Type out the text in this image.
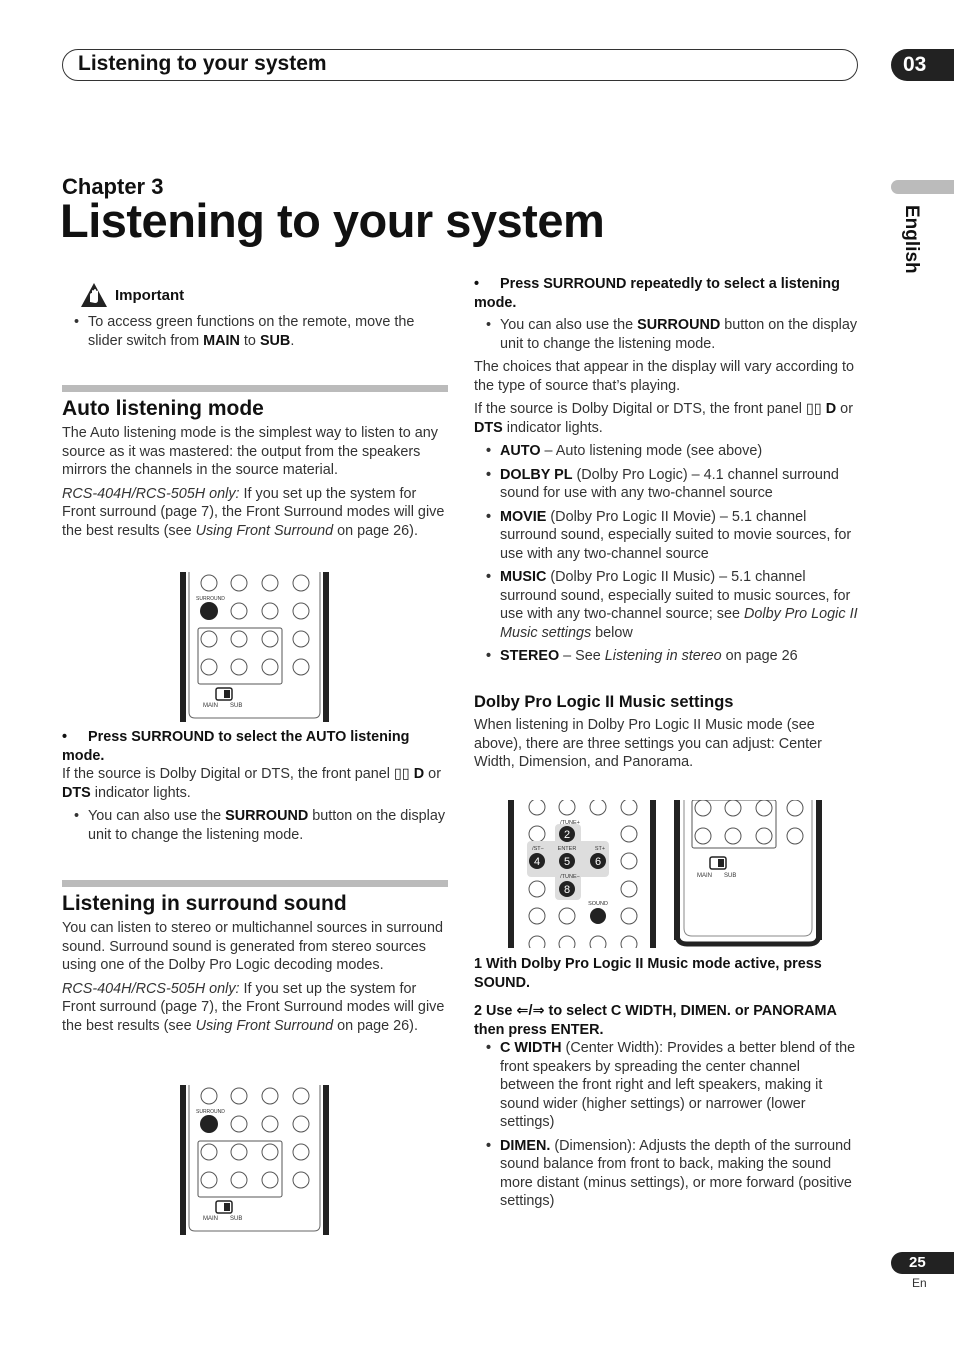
Listening to your system	03
English
Chapter 3
Listening to your system
Important
• To access green functions on the remote, move the slider switch from MAIN to SUB.
Auto listening mode

The Auto listening mode is the simplest way to listen to any source as it was mastered: the output from the speakers mirrors the channels in the source material.

RCS-404H/RCS-505H only: If you set up the system for Front surround (page 7), the Front Surround modes will give the best results (see Using Front Surround on page 26).

SURROUND
MAIN SUB
• Press SURROUND to select the AUTO listening mode.

If the source is Dolby Digital or DTS, the front panel ▯▯ D or DTS indicator lights.

• You can also use the SURROUND button on the display unit to change the listening mode.
Listening in surround sound

You can listen to stereo or multichannel sources in surround sound. Surround sound is generated from stereo sources using one of the Dolby Pro Logic decoding modes.

RCS-404H/RCS-505H only: If you set up the system for Front surround (page 7), the Front Surround modes will give the best results (see Using Front Surround on page 26).

SURROUND
MAIN SUB
• Press SURROUND repeatedly to select a listening mode.
• You can also use the SURROUND button on the display unit to change the listening mode.

The choices that appear in the display will vary according to the type of source that’s playing.

If the source is Dolby Digital or DTS, the front panel ▯▯ D or DTS indicator lights.

• AUTO – Auto listening mode (see above)
• DOLBY PL (Dolby Pro Logic) – 4.1 channel surround sound for use with any two-channel source
• MOVIE (Dolby Pro Logic II Movie) – 5.1 channel surround sound, especially suited to movie sources, for use with any two-channel source
• MUSIC (Dolby Pro Logic II Music) – 5.1 channel surround sound, especially suited to music sources, for use with any two-channel source; see Dolby Pro Logic II Music settings below
• STEREO – See Listening in stereo on page 26
Dolby Pro Logic II Music settings

When listening in Dolby Pro Logic II Music mode (see above), there are three settings you can adjust: Center Width, Dimension, and Panorama.

2
4 5 6
8
/TUNE+
/ST−	ENTER	ST+
/TUNE−
SOUND
MAIN SUB
1 With Dolby Pro Logic II Music mode active, press SOUND.
2 Use ⇐/⇒ to select C WIDTH, DIMEN. or PANORAMA then press ENTER.
• C WIDTH (Center Width): Provides a better blend of the front speakers by spreading the center channel between the front right and left speakers, making it sound wider (higher settings) or narrower (lower settings)
• DIMEN. (Dimension): Adjusts the depth of the surround sound balance from front to back, making the sound more distant (minus settings), or more forward (positive settings)
25
En
